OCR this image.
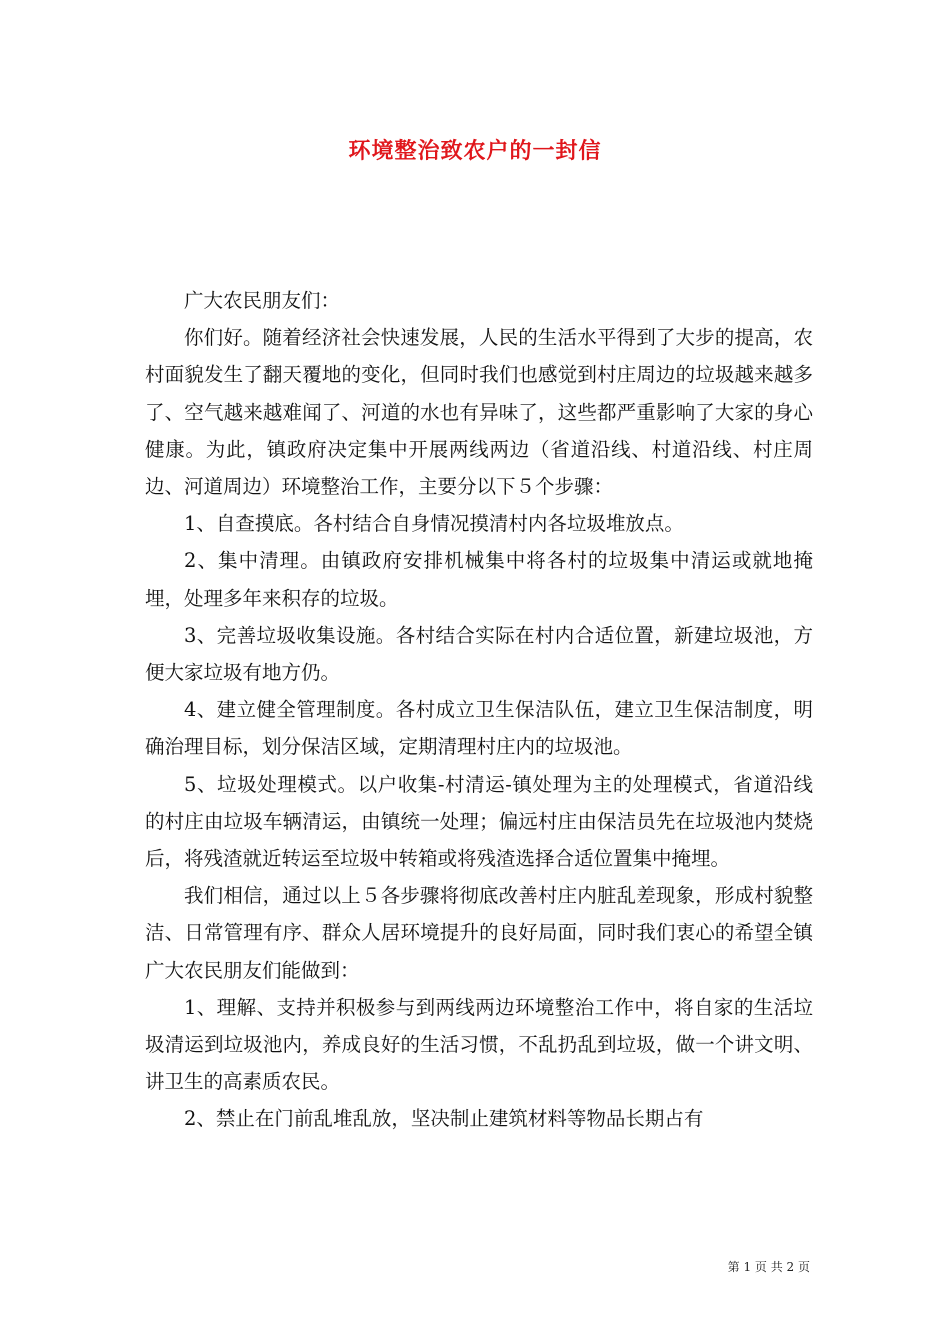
环境整治致农户的一封信

广大农民朋友们：

你们好。随着经济社会快速发展，人民的生活水平得到了大步的提高，农村面貌发生了翻天覆地的变化，但同时我们也感觉到村庄周边的垃圾越来越多了、空气越来越难闻了、河道的水也有异味了，这些都严重影响了大家的身心健康。为此，镇政府决定集中开展两线两边（省道沿线、村道沿线、村庄周边、河道周边）环境整治工作，主要分以下５个步骤：

1、自查摸底。各村结合自身情况摸清村内各垃圾堆放点。

2、集中清理。由镇政府安排机械集中将各村的垃圾集中清运或就地掩埋，处理多年来积存的垃圾。

3、完善垃圾收集设施。各村结合实际在村内合适位置，新建垃圾池，方便大家垃圾有地方仍。

4、建立健全管理制度。各村成立卫生保洁队伍，建立卫生保洁制度，明确治理目标，划分保洁区域，定期清理村庄内的垃圾池。

5、垃圾处理模式。以户收集-村清运-镇处理为主的处理模式，省道沿线的村庄由垃圾车辆清运，由镇统一处理；偏远村庄由保洁员先在垃圾池内焚烧后，将残渣就近转运至垃圾中转箱或将残渣选择合适位置集中掩埋。

我们相信，通过以上５各步骤将彻底改善村庄内脏乱差现象，形成村貌整洁、日常管理有序、群众人居环境提升的良好局面，同时我们衷心的希望全镇广大农民朋友们能做到：

1、理解、支持并积极参与到两线两边环境整治工作中，将自家的生活垃圾清运到垃圾池内，养成良好的生活习惯，不乱扔乱到垃圾，做一个讲文明、讲卫生的高素质农民。

2、禁止在门前乱堆乱放，坚决制止建筑材料等物品长期占有

第 1 页 共 2 页
